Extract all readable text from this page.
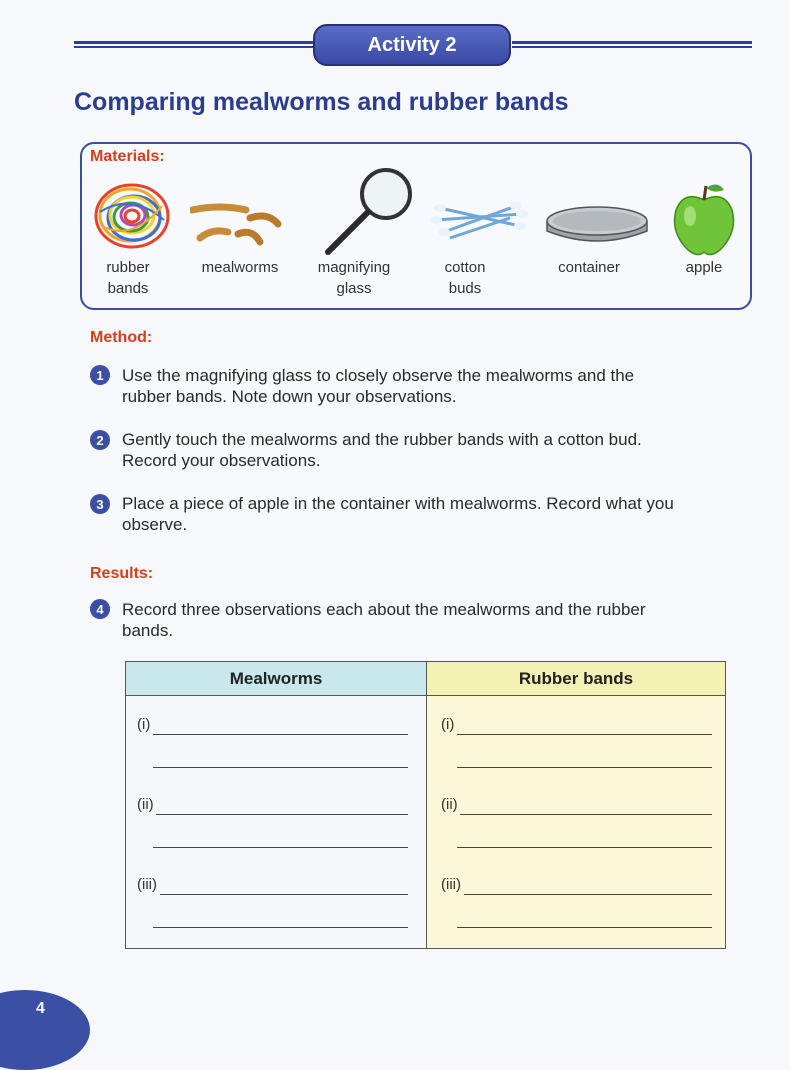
Activity 2
Comparing mealworms and rubber bands
Materials:
rubber
bands
mealworms	magnifying
glass
cotton
buds
container	apple
Method:
1	Use the magnifying glass to closely observe the mealworms and the rubber bands. Note down your observations.
2	Gently touch the mealworms and the rubber bands with a cotton bud. Record your observations.
3	Place a piece of apple in the container with mealworms. Record what you observe.
Results:
4	Record three observations each about the mealworms and the rubber bands.
Mealworms
(i)
(ii)
(iii)
Rubber bands
(i)
(ii)
(iii)
4
